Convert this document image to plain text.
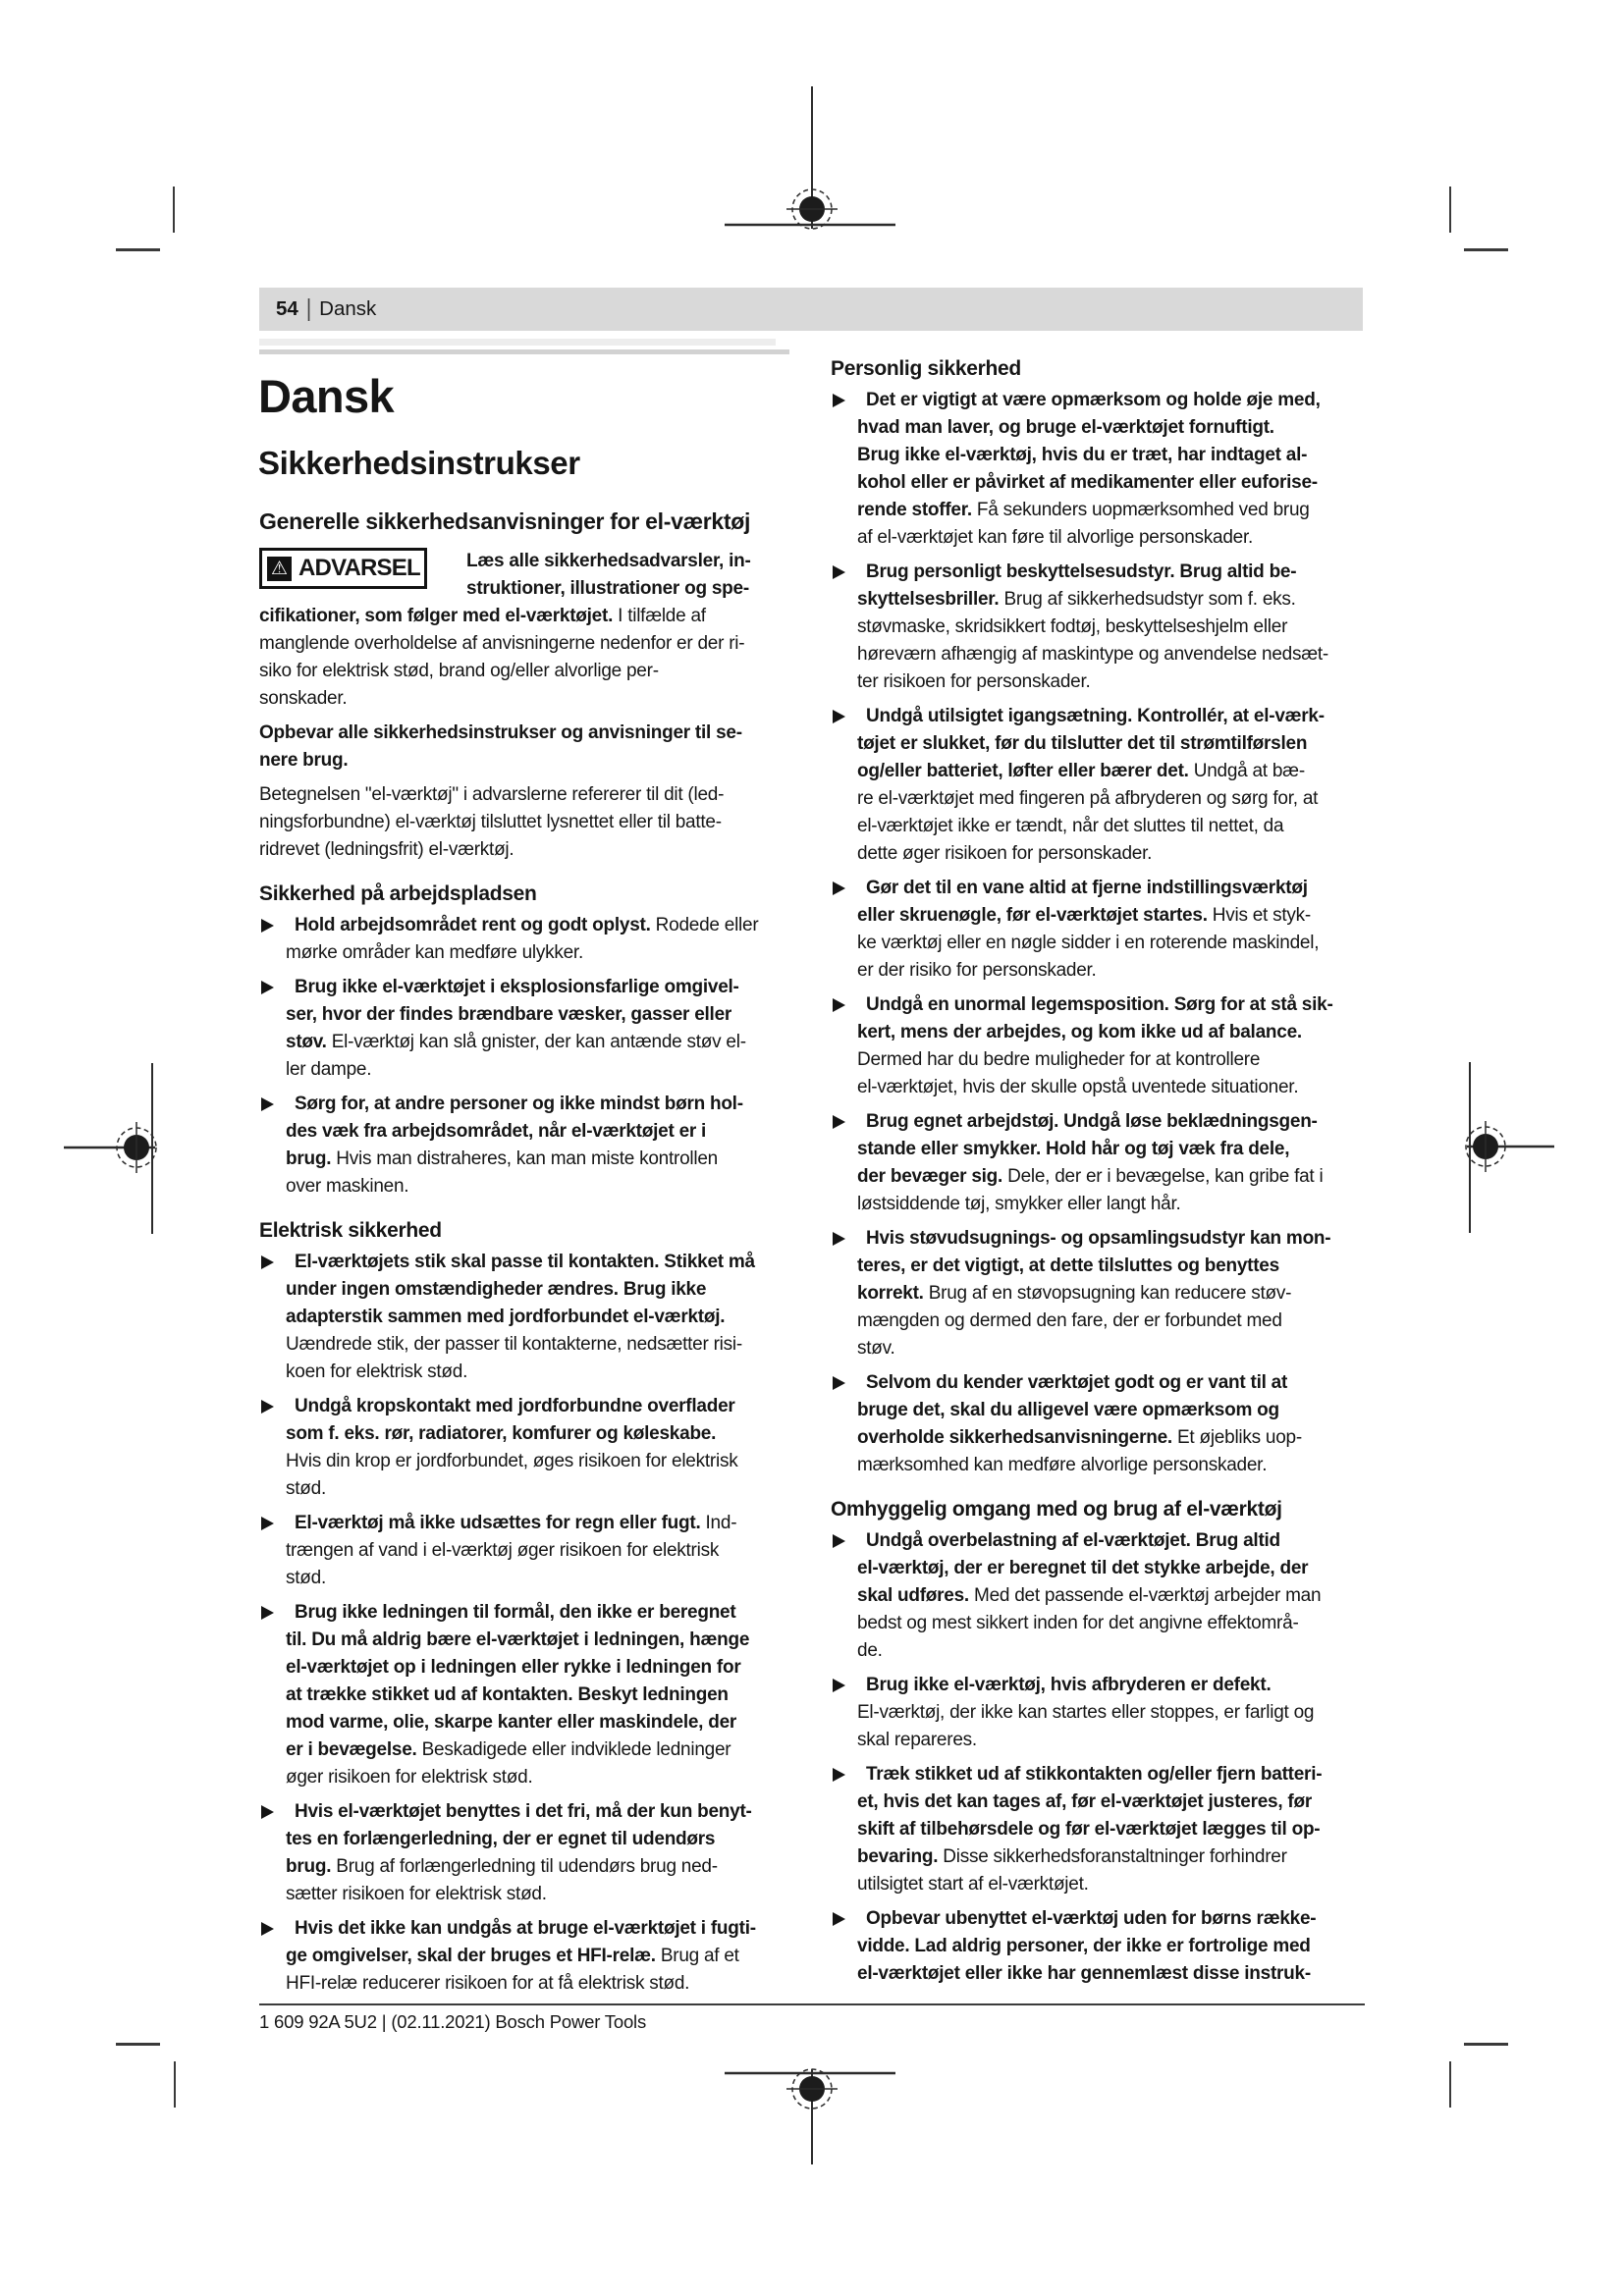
54 | Dansk
Dansk
Sikkerhedsinstrukser
Generelle sikkerhedsanvisninger for el-værktøj
⚠ ADVARSEL Læs alle sikkerhedsadvarsler, in-
struktioner, illustrationer og spe-
cifikationer, som følger med el-værktøjet. I tilfælde af
manglende overholdelse af anvisningerne nedenfor er der ri-
siko for elektrisk stød, brand og/eller alvorlige per-
sonskader.
Opbevar alle sikkerhedsinstrukser og anvisninger til se-
nere brug.
Betegnelsen "el-værktøj" i advarslerne refererer til dit (led-
ningsforbundne) el-værktøj tilsluttet lysnettet eller til batte-
ridrevet (ledningsfrit) el-værktøj.
Sikkerhed på arbejdspladsen
Hold arbejdsområdet rent og godt oplyst. Rodede eller
mørke områder kan medføre ulykker.
Brug ikke el-værktøjet i eksplosionsfarlige omgivel-
ser, hvor der findes brændbare væsker, gasser eller
støv. El-værktøj kan slå gnister, der kan antænde støv el-
ler dampe.
Sørg for, at andre personer og ikke mindst børn hol-
des væk fra arbejdsområdet, når el-værktøjet er i
brug. Hvis man distraheres, kan man miste kontrollen
over maskinen.
Elektrisk sikkerhed
El-værktøjets stik skal passe til kontakten. Stikket må
under ingen omstændigheder ændres. Brug ikke
adapterstik sammen med jordforbundet el-værktøj.
Uændrede stik, der passer til kontakterne, nedsætter risi-
koen for elektrisk stød.
Undgå kropskontakt med jordforbundne overflader
som f. eks. rør, radiatorer, komfurer og køleskabe.
Hvis din krop er jordforbundet, øges risikoen for elektrisk
stød.
El-værktøj må ikke udsættes for regn eller fugt. Ind-
trængen af vand i el-værktøj øger risikoen for elektrisk
stød.
Brug ikke ledningen til formål, den ikke er beregnet
til. Du må aldrig bære el-værktøjet i ledningen, hænge
el-værktøjet op i ledningen eller rykke i ledningen for
at trække stikket ud af kontakten. Beskyt ledningen
mod varme, olie, skarpe kanter eller maskindele, der
er i bevægelse. Beskadigede eller indviklede ledninger
øger risikoen for elektrisk stød.
Hvis el-værktøjet benyttes i det fri, må der kun benyt-
tes en forlængerledning, der er egnet til udendørs
brug. Brug af forlængerledning til udendørs brug ned-
sætter risikoen for elektrisk stød.
Hvis det ikke kan undgås at bruge el-værktøjet i fugti-
ge omgivelser, skal der bruges et HFI-relæ. Brug af et
HFI-relæ reducerer risikoen for at få elektrisk stød.
Personlig sikkerhed
Det er vigtigt at være opmærksom og holde øje med,
hvad man laver, og bruge el-værktøjet fornuftigt.
Brug ikke el-værktøj, hvis du er træt, har indtaget al-
kohol eller er påvirket af medikamenter eller euforise-
rende stoffer. Få sekunders uopmærksomhed ved brug
af el-værktøjet kan føre til alvorlige personskader.
Brug personligt beskyttelsesudstyr. Brug altid be-
skyttelsesbriller. Brug af sikkerhedsudstyr som f. eks.
støvmaske, skridsikkert fodtøj, beskyttelseshjelm eller
høreværn afhængig af maskintype og anvendelse nedsæt-
ter risikoen for personskader.
Undgå utilsigtet igangsætning. Kontrollér, at el-værk-
tøjet er slukket, før du tilslutter det til strømtilførslen
og/eller batteriet, løfter eller bærer det. Undgå at bæ-
re el-værktøjet med fingeren på afbryderen og sørg for, at
el-værktøjet ikke er tændt, når det sluttes til nettet, da
dette øger risikoen for personskader.
Gør det til en vane altid at fjerne indstillingsværktøj
eller skruenøgle, før el-værktøjet startes. Hvis et styk-
ke værktøj eller en nøgle sidder i en roterende maskindel,
er der risiko for personskader.
Undgå en unormal legemsposition. Sørg for at stå sik-
kert, mens der arbejdes, og kom ikke ud af balance.
Dermed har du bedre muligheder for at kontrollere
el-værktøjet, hvis der skulle opstå uventede situationer.
Brug egnet arbejdstøj. Undgå løse beklædningsgen-
stande eller smykker. Hold hår og tøj væk fra dele,
der bevæger sig. Dele, der er i bevægelse, kan gribe fat i
løstsiddende tøj, smykker eller langt hår.
Hvis støvudsugnings- og opsamlingsudstyr kan mon-
teres, er det vigtigt, at dette tilsluttes og benyttes
korrekt. Brug af en støvopsugning kan reducere støv-
mængden og dermed den fare, der er forbundet med
støv.
Selvom du kender værktøjet godt og er vant til at
bruge det, skal du alligevel være opmærksom og
overholde sikkerhedsanvisningerne. Et øjebliks uop-
mærksomhed kan medføre alvorlige personskader.
Omhyggelig omgang med og brug af el-værktøj
Undgå overbelastning af el-værktøjet. Brug altid
el-værktøj, der er beregnet til det stykke arbejde, der
skal udføres. Med det passende el-værktøj arbejder man
bedst og mest sikkert inden for det angivne effektområ-
de.
Brug ikke el-værktøj, hvis afbryderen er defekt.
El-værktøj, der ikke kan startes eller stoppes, er farligt og
skal repareres.
Træk stikket ud af stikkontakten og/eller fjern batteri-
et, hvis det kan tages af, før el-værktøjet justeres, før
skift af tilbehørsdele og før el-værktøjet lægges til op-
bevaring. Disse sikkerhedsforanstaltninger forhindrer
utilsigtet start af el-værktøjet.
Opbevar ubenyttet el-værktøj uden for børns række-
vidde. Lad aldrig personer, der ikke er fortrolige med
el-værktøjet eller ikke har gennemlæst disse instruk-
1 609 92A 5U2 | (02.11.2021) Bosch Power Tools
